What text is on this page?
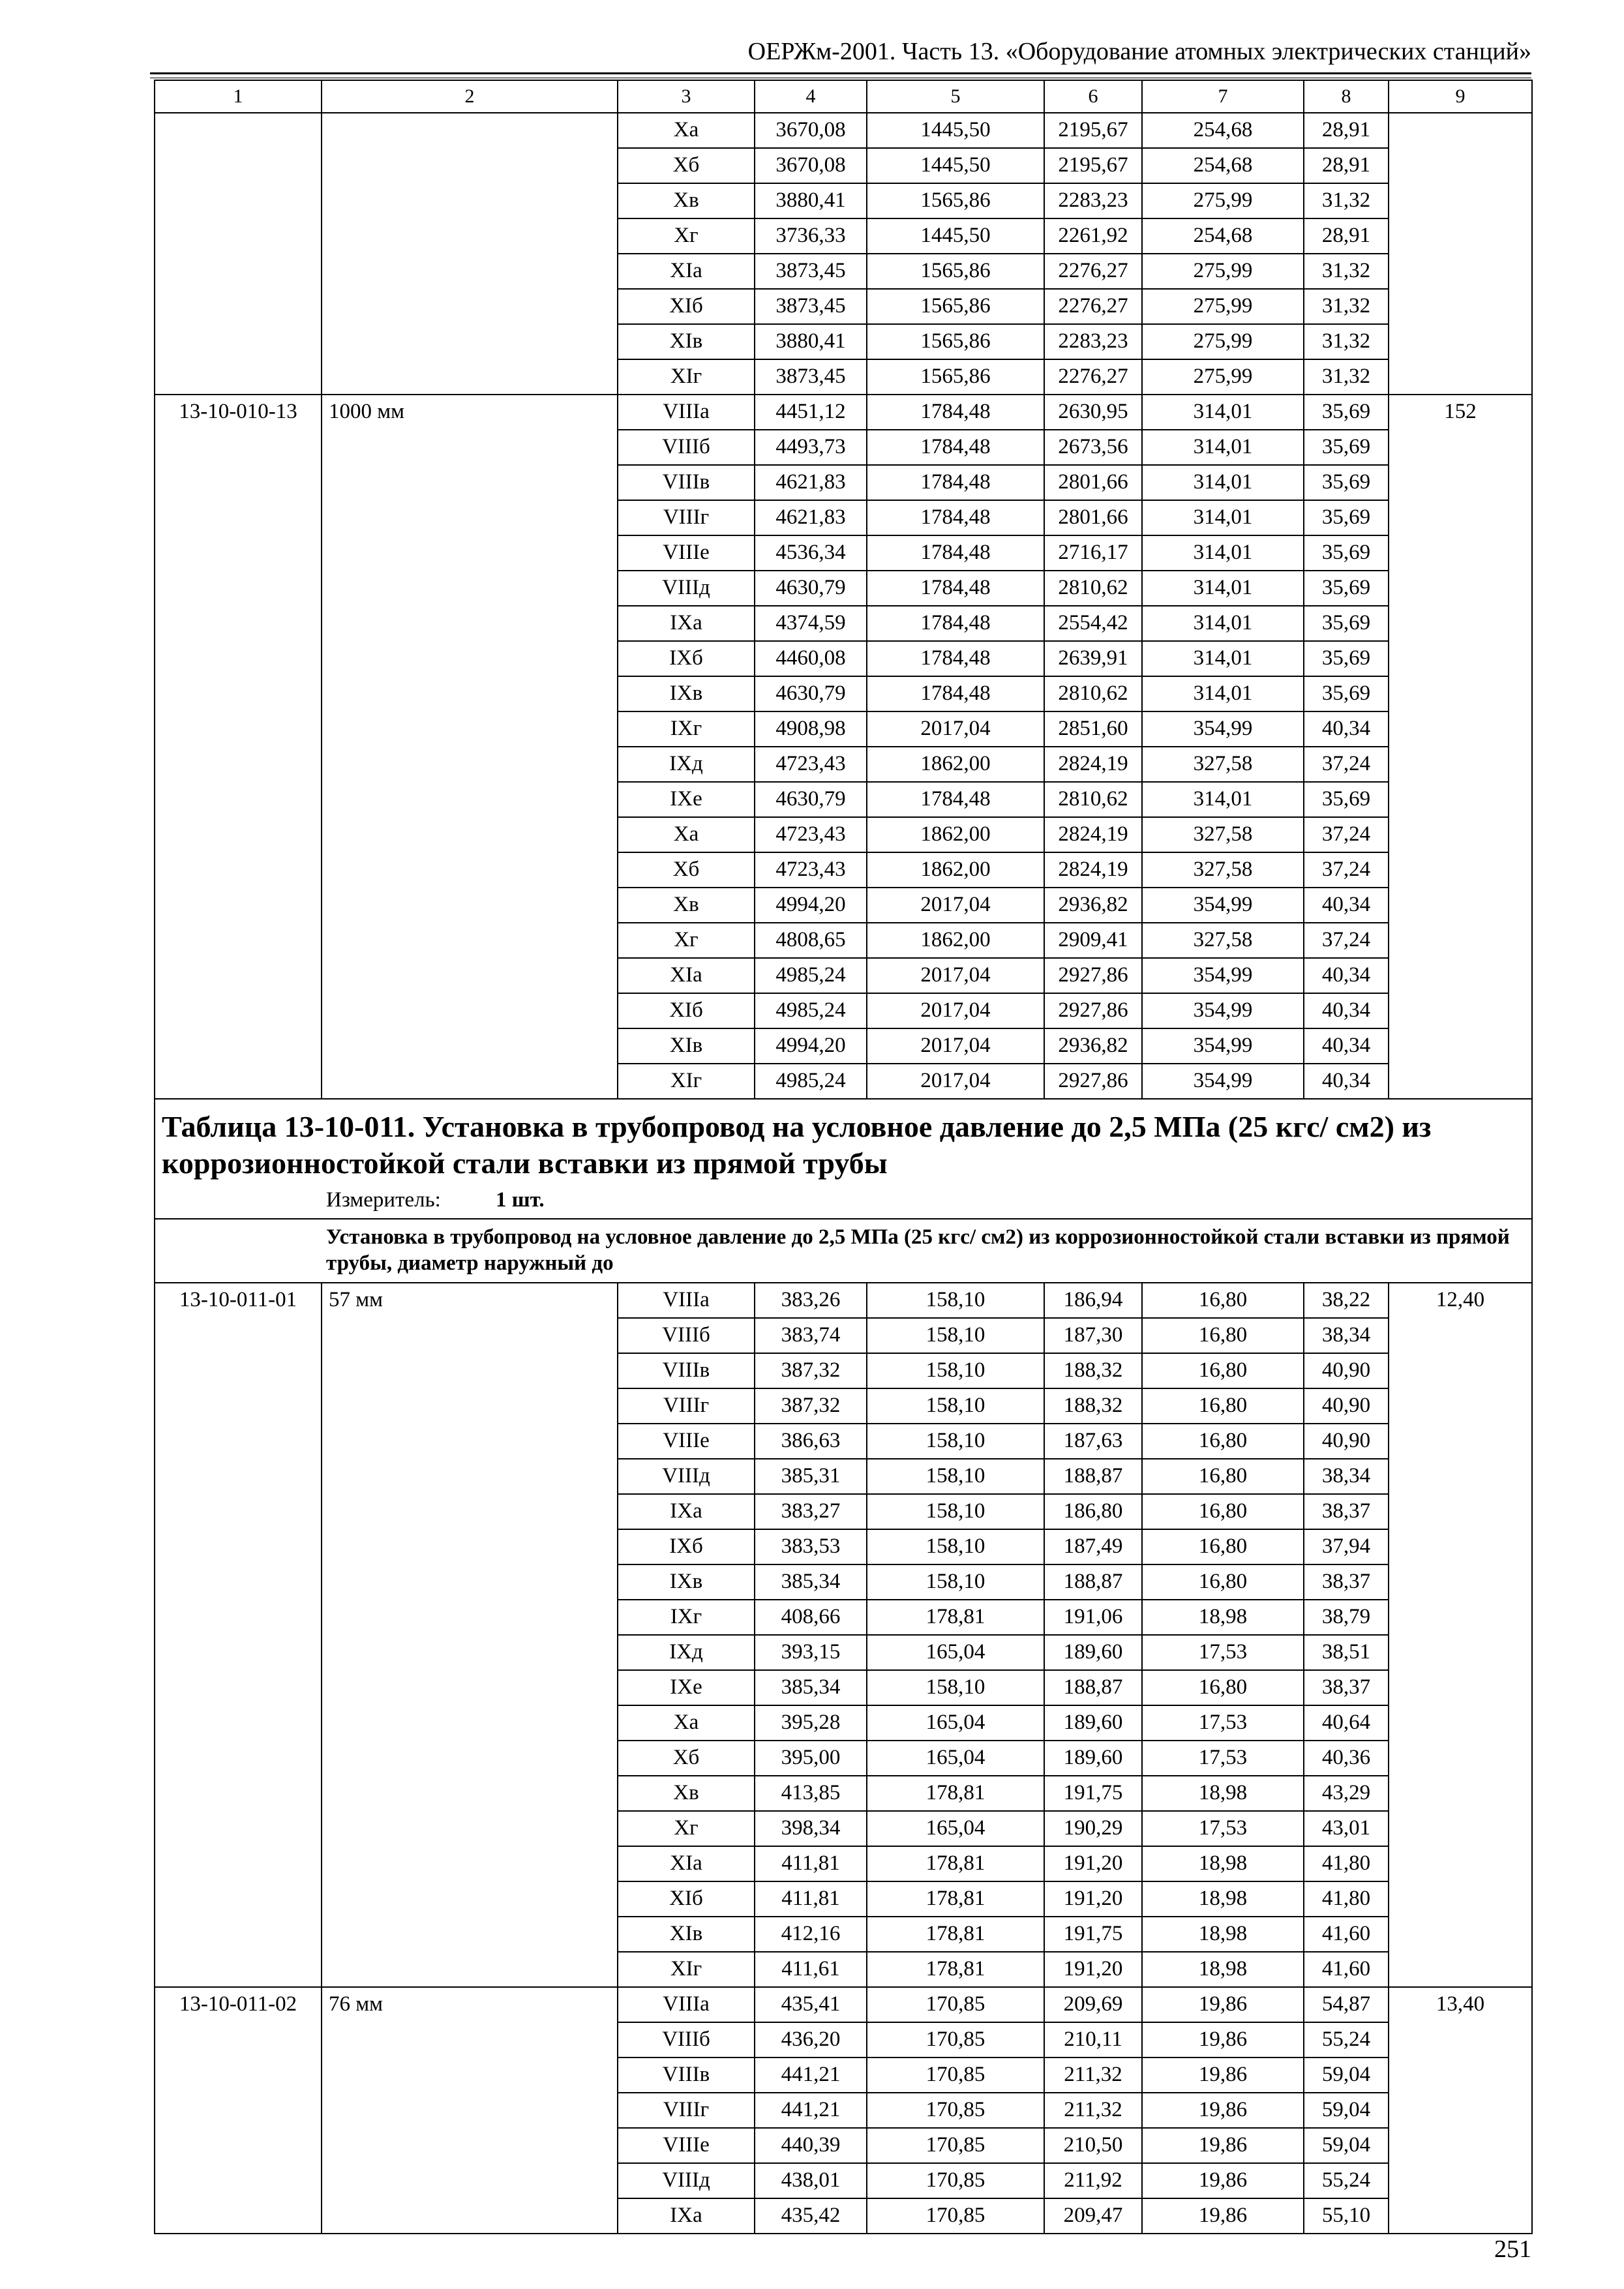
ОЕРЖм-2001. Часть 13. «Оборудование атомных электрических станций»
1	2	3	4	5	6	7	8	9
		Xа	3670,08	1445,50	2195,67	254,68	28,91	
		Xб	3670,08	1445,50	2195,67	254,68	28,91	
		Xв	3880,41	1565,86	2283,23	275,99	31,32	
		Xг	3736,33	1445,50	2261,92	254,68	28,91	
		XIа	3873,45	1565,86	2276,27	275,99	31,32	
		XIб	3873,45	1565,86	2276,27	275,99	31,32	
		XIв	3880,41	1565,86	2283,23	275,99	31,32	
		XIг	3873,45	1565,86	2276,27	275,99	31,32	
13-10-010-13	1000 мм	VIIIа	4451,12	1784,48	2630,95	314,01	35,69	152
		VIIIб	4493,73	1784,48	2673,56	314,01	35,69	
		VIIIв	4621,83	1784,48	2801,66	314,01	35,69	
		VIIIг	4621,83	1784,48	2801,66	314,01	35,69	
		VIIIе	4536,34	1784,48	2716,17	314,01	35,69	
		VIIIд	4630,79	1784,48	2810,62	314,01	35,69	
		IXа	4374,59	1784,48	2554,42	314,01	35,69	
		IXб	4460,08	1784,48	2639,91	314,01	35,69	
		IXв	4630,79	1784,48	2810,62	314,01	35,69	
		IXг	4908,98	2017,04	2851,60	354,99	40,34	
		IXд	4723,43	1862,00	2824,19	327,58	37,24	
		IXе	4630,79	1784,48	2810,62	314,01	35,69	
		Xа	4723,43	1862,00	2824,19	327,58	37,24	
		Xб	4723,43	1862,00	2824,19	327,58	37,24	
		Xв	4994,20	2017,04	2936,82	354,99	40,34	
		Xг	4808,65	1862,00	2909,41	327,58	37,24	
		XIа	4985,24	2017,04	2927,86	354,99	40,34	
		XIб	4985,24	2017,04	2927,86	354,99	40,34	
		XIв	4994,20	2017,04	2936,82	354,99	40,34	
		XIг	4985,24	2017,04	2927,86	354,99	40,34	

Таблица 13-10-011. Установка в трубопровод на условное давление до 2,5 МПа (25 кгс/ см2) из коррозионностойкой стали вставки из прямой трубы
Измеритель: 1 шт.								

Установка в трубопровод на условное давление до 2,5 МПа (25 кгс/ см2) из коррозионностойкой стали вставки из прямой трубы, диаметр наружный до								
13-10-011-01	57 мм	VIIIа	383,26	158,10	186,94	16,80	38,22	12,40
		VIIIб	383,74	158,10	187,30	16,80	38,34	
		VIIIв	387,32	158,10	188,32	16,80	40,90	
		VIIIг	387,32	158,10	188,32	16,80	40,90	
		VIIIе	386,63	158,10	187,63	16,80	40,90	
		VIIIд	385,31	158,10	188,87	16,80	38,34	
		IXа	383,27	158,10	186,80	16,80	38,37	
		IXб	383,53	158,10	187,49	16,80	37,94	
		IXв	385,34	158,10	188,87	16,80	38,37	
		IXг	408,66	178,81	191,06	18,98	38,79	
		IXд	393,15	165,04	189,60	17,53	38,51	
		IXе	385,34	158,10	188,87	16,80	38,37	
		Xа	395,28	165,04	189,60	17,53	40,64	
		Xб	395,00	165,04	189,60	17,53	40,36	
		Xв	413,85	178,81	191,75	18,98	43,29	
		Xг	398,34	165,04	190,29	17,53	43,01	
		XIа	411,81	178,81	191,20	18,98	41,80	
		XIб	411,81	178,81	191,20	18,98	41,80	
		XIв	412,16	178,81	191,75	18,98	41,60	
		XIг	411,61	178,81	191,20	18,98	41,60	
13-10-011-02	76 мм	VIIIа	435,41	170,85	209,69	19,86	54,87	13,40
		VIIIб	436,20	170,85	210,11	19,86	55,24	
		VIIIв	441,21	170,85	211,32	19,86	59,04	
		VIIIг	441,21	170,85	211,32	19,86	59,04	
		VIIIе	440,39	170,85	210,50	19,86	59,04	
		VIIIд	438,01	170,85	211,92	19,86	55,24	
		IXа	435,42	170,85	209,47	19,86	55,10	
251
